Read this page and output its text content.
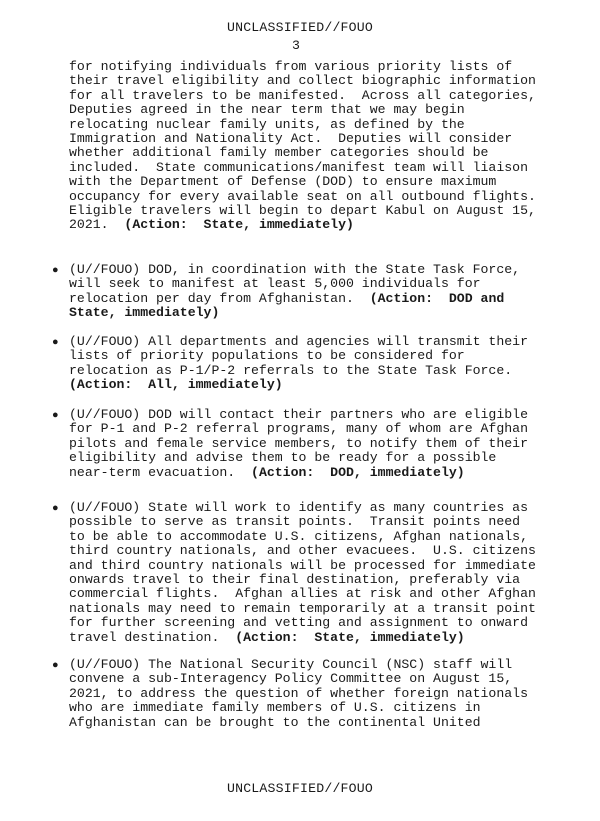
UNCLASSIFIED//FOUO
3
for notifying individuals from various priority lists of
their travel eligibility and collect biographic information
for all travelers to be manifested.  Across all categories,
Deputies agreed in the near term that we may begin
relocating nuclear family units, as defined by the
Immigration and Nationality Act.  Deputies will consider
whether additional family member categories should be
included.  State communications/manifest team will liaison
with the Department of Defense (DOD) to ensure maximum
occupancy for every available seat on all outbound flights.
Eligible travelers will begin to depart Kabul on August 15,
2021.  (Action:  State, immediately)
● (U//FOUO) DOD, in coordination with the State Task Force,
will seek to manifest at least 5,000 individuals for
relocation per day from Afghanistan.  (Action:  DOD and
State, immediately)
● (U//FOUO) All departments and agencies will transmit their
lists of priority populations to be considered for
relocation as P-1/P-2 referrals to the State Task Force.
(Action:  All, immediately)
● (U//FOUO) DOD will contact their partners who are eligible
for P-1 and P-2 referral programs, many of whom are Afghan
pilots and female service members, to notify them of their
eligibility and advise them to be ready for a possible
near-term evacuation.  (Action:  DOD, immediately)
● (U//FOUO) State will work to identify as many countries as
possible to serve as transit points.  Transit points need
to be able to accommodate U.S. citizens, Afghan nationals,
third country nationals, and other evacuees.  U.S. citizens
and third country nationals will be processed for immediate
onwards travel to their final destination, preferably via
commercial flights.  Afghan allies at risk and other Afghan
nationals may need to remain temporarily at a transit point
for further screening and vetting and assignment to onward
travel destination.  (Action:  State, immediately)
● (U//FOUO) The National Security Council (NSC) staff will
convene a sub-Interagency Policy Committee on August 15,
2021, to address the question of whether foreign nationals
who are immediate family members of U.S. citizens in
Afghanistan can be brought to the continental United
UNCLASSIFIED//FOUO
